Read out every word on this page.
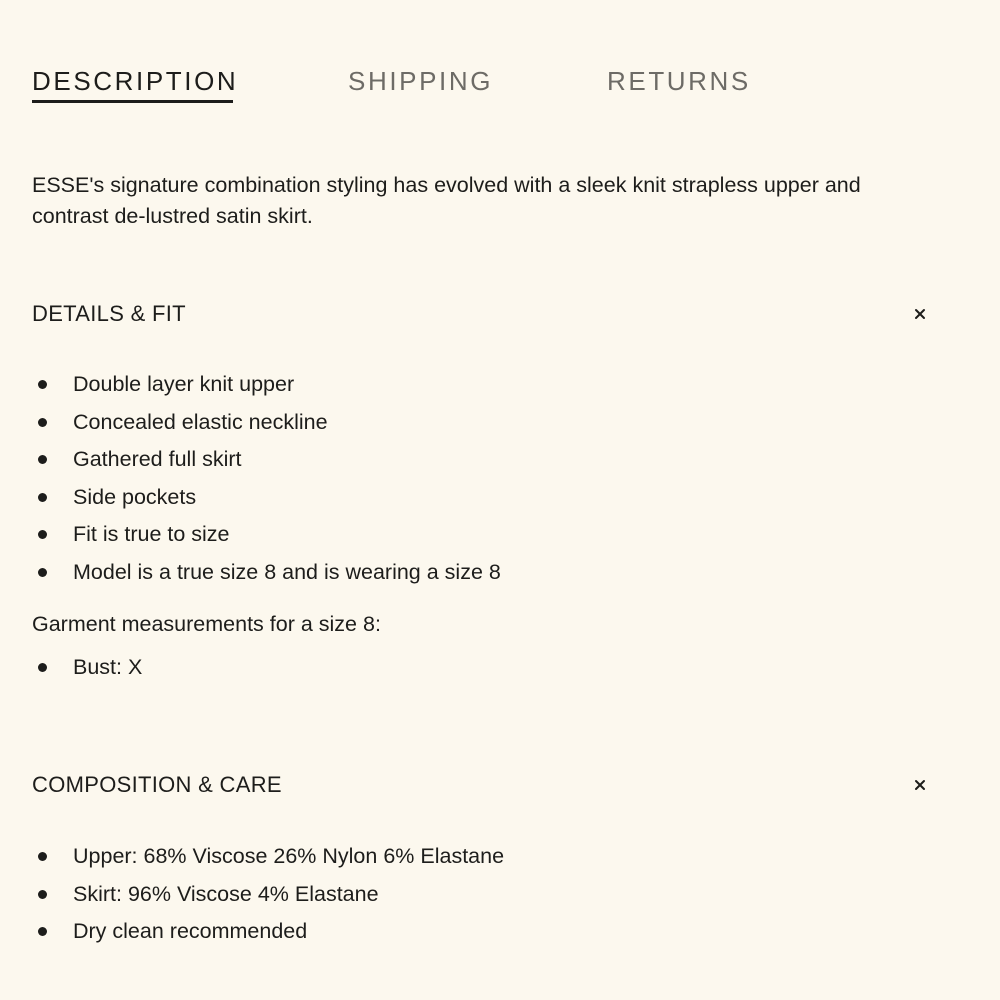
DESCRIPTION	SHIPPING	RETURNS

ESSE's signature combination styling has evolved with a sleek knit strapless upper and contrast de-lustred satin skirt.

DETAILS & FIT
Double layer knit upper
Concealed elastic neckline
Gathered full skirt
Side pockets
Fit is true to size
Model is a true size 8 and is wearing a size 8

Garment measurements for a size 8:

Bust: X
COMPOSITION & CARE
Upper: 68% Viscose 26% Nylon 6% Elastane
Skirt: 96% Viscose 4% Elastane
Dry clean recommended
